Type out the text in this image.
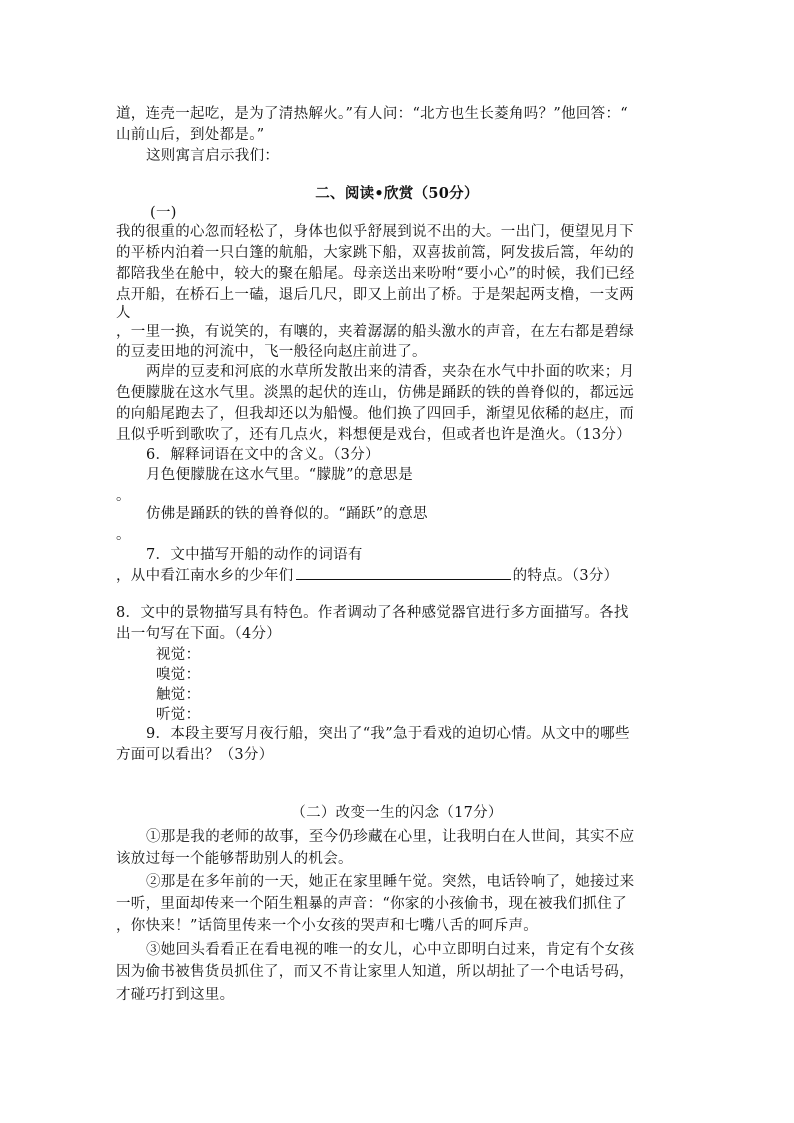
道，连壳一起吃，是为了清热解火。”有人问：“北方也生长菱角吗？”他回答：“
山前山后，到处都是。”
这则寓言启示我们：
二、阅读•欣赏（50分）
(一)
我的很重的心忽而轻松了，身体也似乎舒展到说不出的大。一出门，便望见月下
的平桥内泊着一只白篷的航船，大家跳下船，双喜拔前篙，阿发拔后篙，年幼的
都陪我坐在舱中，较大的聚在船尾。母亲送出来吩咐“要小心”的时候，我们已经
点开船，在桥石上一磕，退后几尺，即又上前出了桥。于是架起两支橹，一支两
人
，一里一换，有说笑的，有嚷的，夹着潺潺的船头激水的声音，在左右都是碧绿
的豆麦田地的河流中，飞一般径向赵庄前进了。
两岸的豆麦和河底的水草所发散出来的清香，夹杂在水气中扑面的吹来；月
色便朦胧在这水气里。淡黑的起伏的连山，仿佛是踊跃的铁的兽脊似的，都远远
的向船尾跑去了，但我却还以为船慢。他们换了四回手，渐望见依稀的赵庄，而
且似乎听到歌吹了，还有几点火，料想便是戏台，但或者也许是渔火。（13分）
6．解释词语在文中的含义。（3分）
月色便朦胧在这水气里。“朦胧”的意思是
。
仿佛是踊跃的铁的兽脊似的。“踊跃”的意思
。
7．文中描写开船的动作的词语有
，从中看江南水乡的少年们	的特点。（3分）
8．文中的景物描写具有特色。作者调动了各种感觉器官进行多方面描写。各找
出一句写在下面。（4分）
视觉：
嗅觉：
触觉：
听觉：
9．本段主要写月夜行船，突出了“我”急于看戏的迫切心情。从文中的哪些
方面可以看出？（3分）
（二）改变一生的闪念（17分）
①那是我的老师的故事，至今仍珍藏在心里，让我明白在人世间，其实不应
该放过每一个能够帮助别人的机会。
②那是在多年前的一天，她正在家里睡午觉。突然，电话铃响了，她接过来
一听，里面却传来一个陌生粗暴的声音：“你家的小孩偷书，现在被我们抓住了
，你快来！”话筒里传来一个小女孩的哭声和七嘴八舌的呵斥声。
③她回头看看正在看电视的唯一的女儿，心中立即明白过来，肯定有个女孩
因为偷书被售货员抓住了，而又不肯让家里人知道，所以胡扯了一个电话号码，
才碰巧打到这里。
